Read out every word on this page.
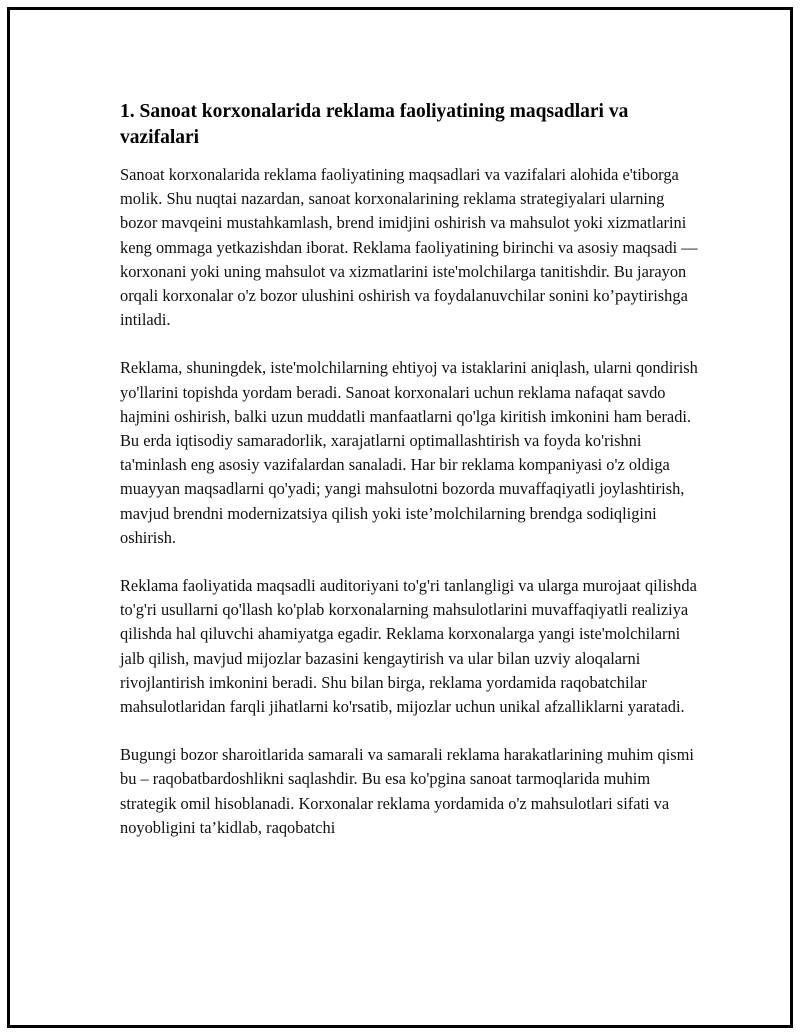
1. Sanoat korxonalarida reklama faoliyatining maqsadlari va vazifalari

Sanoat korxonalarida reklama faoliyatining maqsadlari va vazifalari alohida e'tiborga molik. Shu nuqtai nazardan, sanoat korxonalarining reklama strategiyalari ularning bozor mavqeini mustahkamlash, brend imidjini oshirish va mahsulot yoki xizmatlarini keng ommaga yetkazishdan iborat. Reklama faoliyatining birinchi va asosiy maqsadi — korxonani yoki uning mahsulot va xizmatlarini iste'molchilarga tanitishdir. Bu jarayon orqali korxonalar o'z bozor ulushini oshirish va foydalanuvchilar sonini ko’paytirishga intiladi.

Reklama, shuningdek, iste'molchilarning ehtiyoj va istaklarini aniqlash, ularni qondirish yo'llarini topishda yordam beradi. Sanoat korxonalari uchun reklama nafaqat savdo hajmini oshirish, balki uzun muddatli manfaatlarni qo'lga kiritish imkonini ham beradi. Bu erda iqtisodiy samaradorlik, xarajatlarni optimallashtirish va foyda ko'rishni ta'minlash eng asosiy vazifalardan sanaladi. Har bir reklama kompaniyasi o'z oldiga muayyan maqsadlarni qo'yadi; yangi mahsulotni bozorda muvaffaqiyatli joylashtirish, mavjud brendni modernizatsiya qilish yoki iste’molchilarning brendga sodiqligini oshirish.

Reklama faoliyatida maqsadli auditoriyani to'g'ri tanlangligi va ularga murojaat qilishda to'g'ri usullarni qo'llash ko'plab korxonalarning mahsulotlarini muvaffaqiyatli realiziya qilishda hal qiluvchi ahamiyatga egadir. Reklama korxonalarga yangi iste'molchilarni jalb qilish, mavjud mijozlar bazasini kengaytirish va ular bilan uzviy aloqalarni rivojlantirish imkonini beradi. Shu bilan birga, reklama yordamida raqobatchilar mahsulotlaridan farqli jihatlarni ko'rsatib, mijozlar uchun unikal afzalliklarni yaratadi.

Bugungi bozor sharoitlarida samarali va samarali reklama harakatlarining muhim qismi bu – raqobatbardoshlikni saqlashdir. Bu esa ko'pgina sanoat tarmoqlarida muhim strategik omil hisoblanadi. Korxonalar reklama yordamida o'z mahsulotlari sifati va noyobligini ta’kidlab, raqobatchi
